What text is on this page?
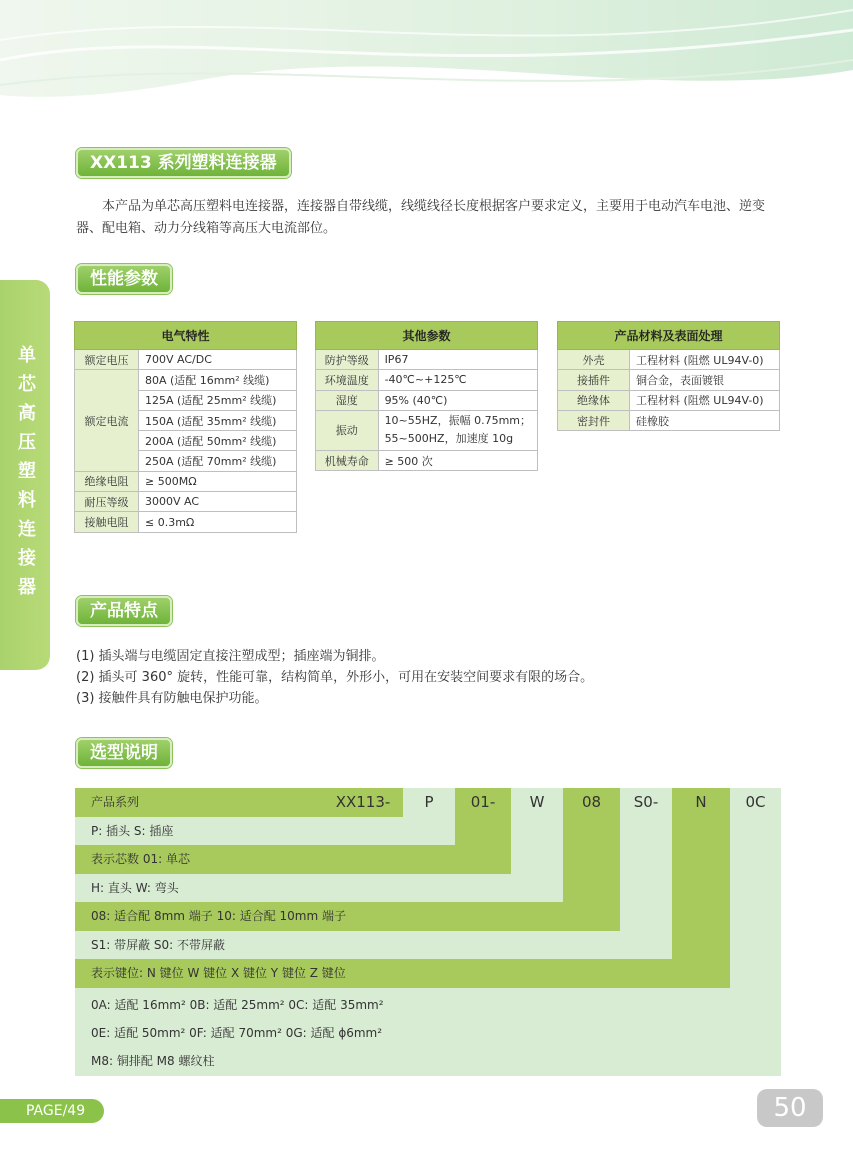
XX113 系列塑料连接器

本产品为单芯高压塑料电连接器，连接器自带线缆，线缆线径长度根据客户要求定义，主要用于电动汽车电池、逆变器、配电箱、动力分线箱等高压大电流部位。

单芯高压塑料连接器
性能参数
电气特性	
额定电压	700V AC/DC
额定电流	80A (适配 16mm² 线缆)
	125A (适配 25mm² 线缆)
	150A (适配 35mm² 线缆)
	200A (适配 50mm² 线缆)
	250A (适配 70mm² 线缆)
绝缘电阻	≥ 500MΩ
耐压等级	3000V AC
接触电阻	≤ 0.3mΩ
其他参数	
防护等级	IP67
环境温度	-40℃~+125℃
湿度	95% (40℃)
振动	10~55HZ，振幅 0.75mm；
55~500HZ，加速度 10g

机械寿命	≥ 500 次
产品材料及表面处理	
外壳	工程材料 (阻燃 UL94V-0)
接插件	铜合金，表面镀银
绝缘体	工程材料 (阻燃 UL94V-0)
密封件	硅橡胶
产品特点
(1) 插头端与电缆固定直接注塑成型；插座端为铜排。
(2) 插头可 360° 旋转，性能可靠，结构简单，外形小，可用在安装空间要求有限的场合。
(3) 接触件具有防触电保护功能。
选型说明
产品系列
P: 插头 S: 插座
表示芯数 01: 单芯
H: 直头 W: 弯头
08: 适合配 8mm 端子 10: 适合配 10mm 端子
S1: 带屏蔽 S0: 不带屏蔽
表示键位: N 键位 W 键位 X 键位 Y 键位 Z 键位
0A: 适配 16mm² 0B: 适配 25mm² 0C: 适配 35mm²
0E: 适配 50mm² 0F: 适配 70mm² 0G: 适配 ϕ6mm²
M8: 铜排配 M8 螺纹柱
XX113-	P	01-	W	08	S0-	N	0C
PAGE/49	50
